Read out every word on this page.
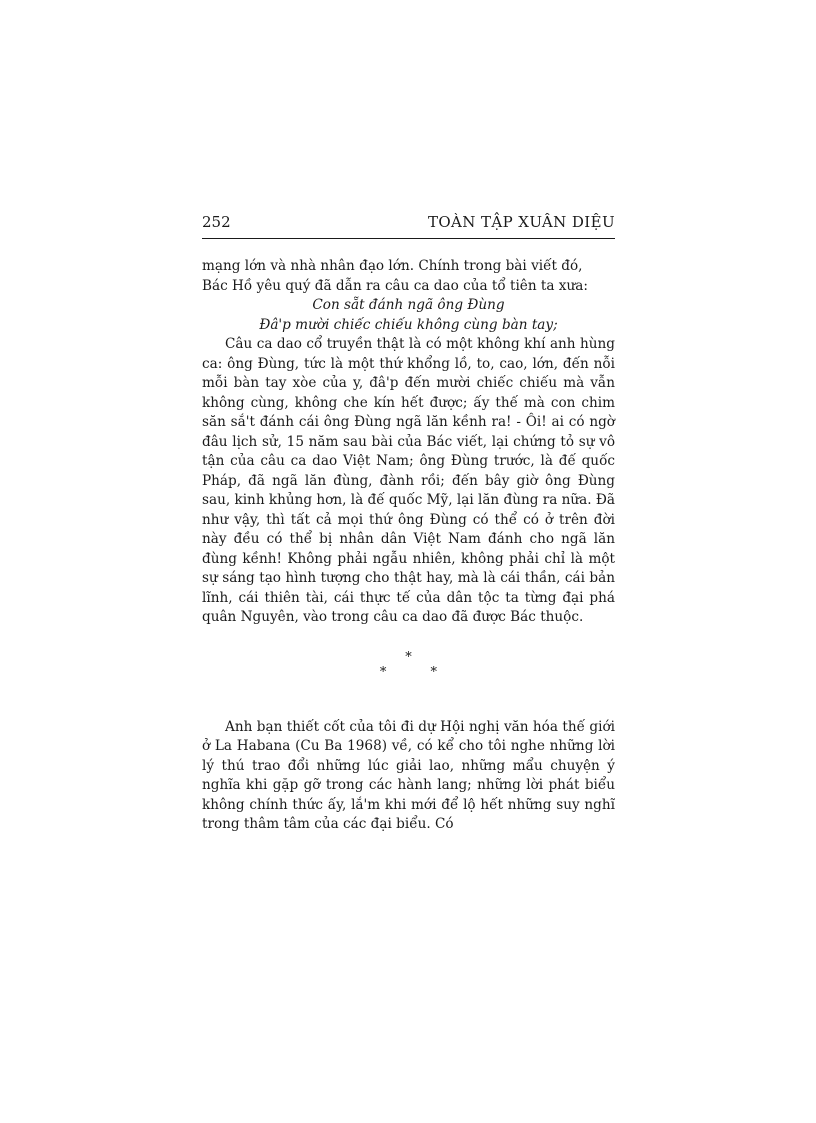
252	TOÀN TẬP XUÂN DIỆU

mạng lớn và nhà nhân đạo lớn. Chính trong bài viết đó,

Bác Hồ yêu quý đã dẫn ra câu ca dao của tổ tiên ta xưa:

Con sẵt đánh ngã ông Đùng

Đâ'p mười chiếc chiếu không cùng bàn tay;

Câu ca dao cổ truyền thật là có một không khí anh hùng ca: ông Đùng, tức là một thứ khổng lồ, to, cao, lớn, đến nỗi mỗi bàn tay xòe của y, đâ'p đến mười chiếc chiếu mà vẫn không cùng, không che kín hết được; ấy thế mà con chim săn sắ't đánh cái ông Đùng ngã lăn kềnh ra! - Ôi! ai có ngờ đâu lịch sử, 15 năm sau bài của Bác viết, lại chứng tỏ sự vô tận của câu ca dao Việt Nam; ông Đùng trước, là đế quốc Pháp, đã ngã lăn đùng, đành rồi; đến bây giờ ông Đùng sau, kinh khủng hơn, là đế quốc Mỹ, lại lăn đùng ra nữa. Đã như vậy, thì tất cả mọi thứ ông Đùng có thể có ở trên đời này đều có thể bị nhân dân Việt Nam đánh cho ngã lăn đùng kềnh! Không phải ngẫu nhiên, không phải chỉ là một sự sáng tạo hình tượng cho thật hay, mà là cái thần, cái bản lĩnh, cái thiên tài, cái thực tế của dân tộc ta từng đại phá quân Nguyên, vào trong câu ca dao đã được Bác thuộc.

*
* *

Anh bạn thiết cốt của tôi đi dự Hội nghị văn hóa thế giới ở La Habana (Cu Ba 1968) về, có kể cho tôi nghe những lời lý thú trao đổi những lúc giải lao, những mẩu chuyện ý nghĩa khi gặp gỡ trong các hành lang; những lời phát biểu không chính thức ấy, lắ'm khi mới để lộ hết những suy nghĩ trong thâm tâm của các đại biểu. Có
